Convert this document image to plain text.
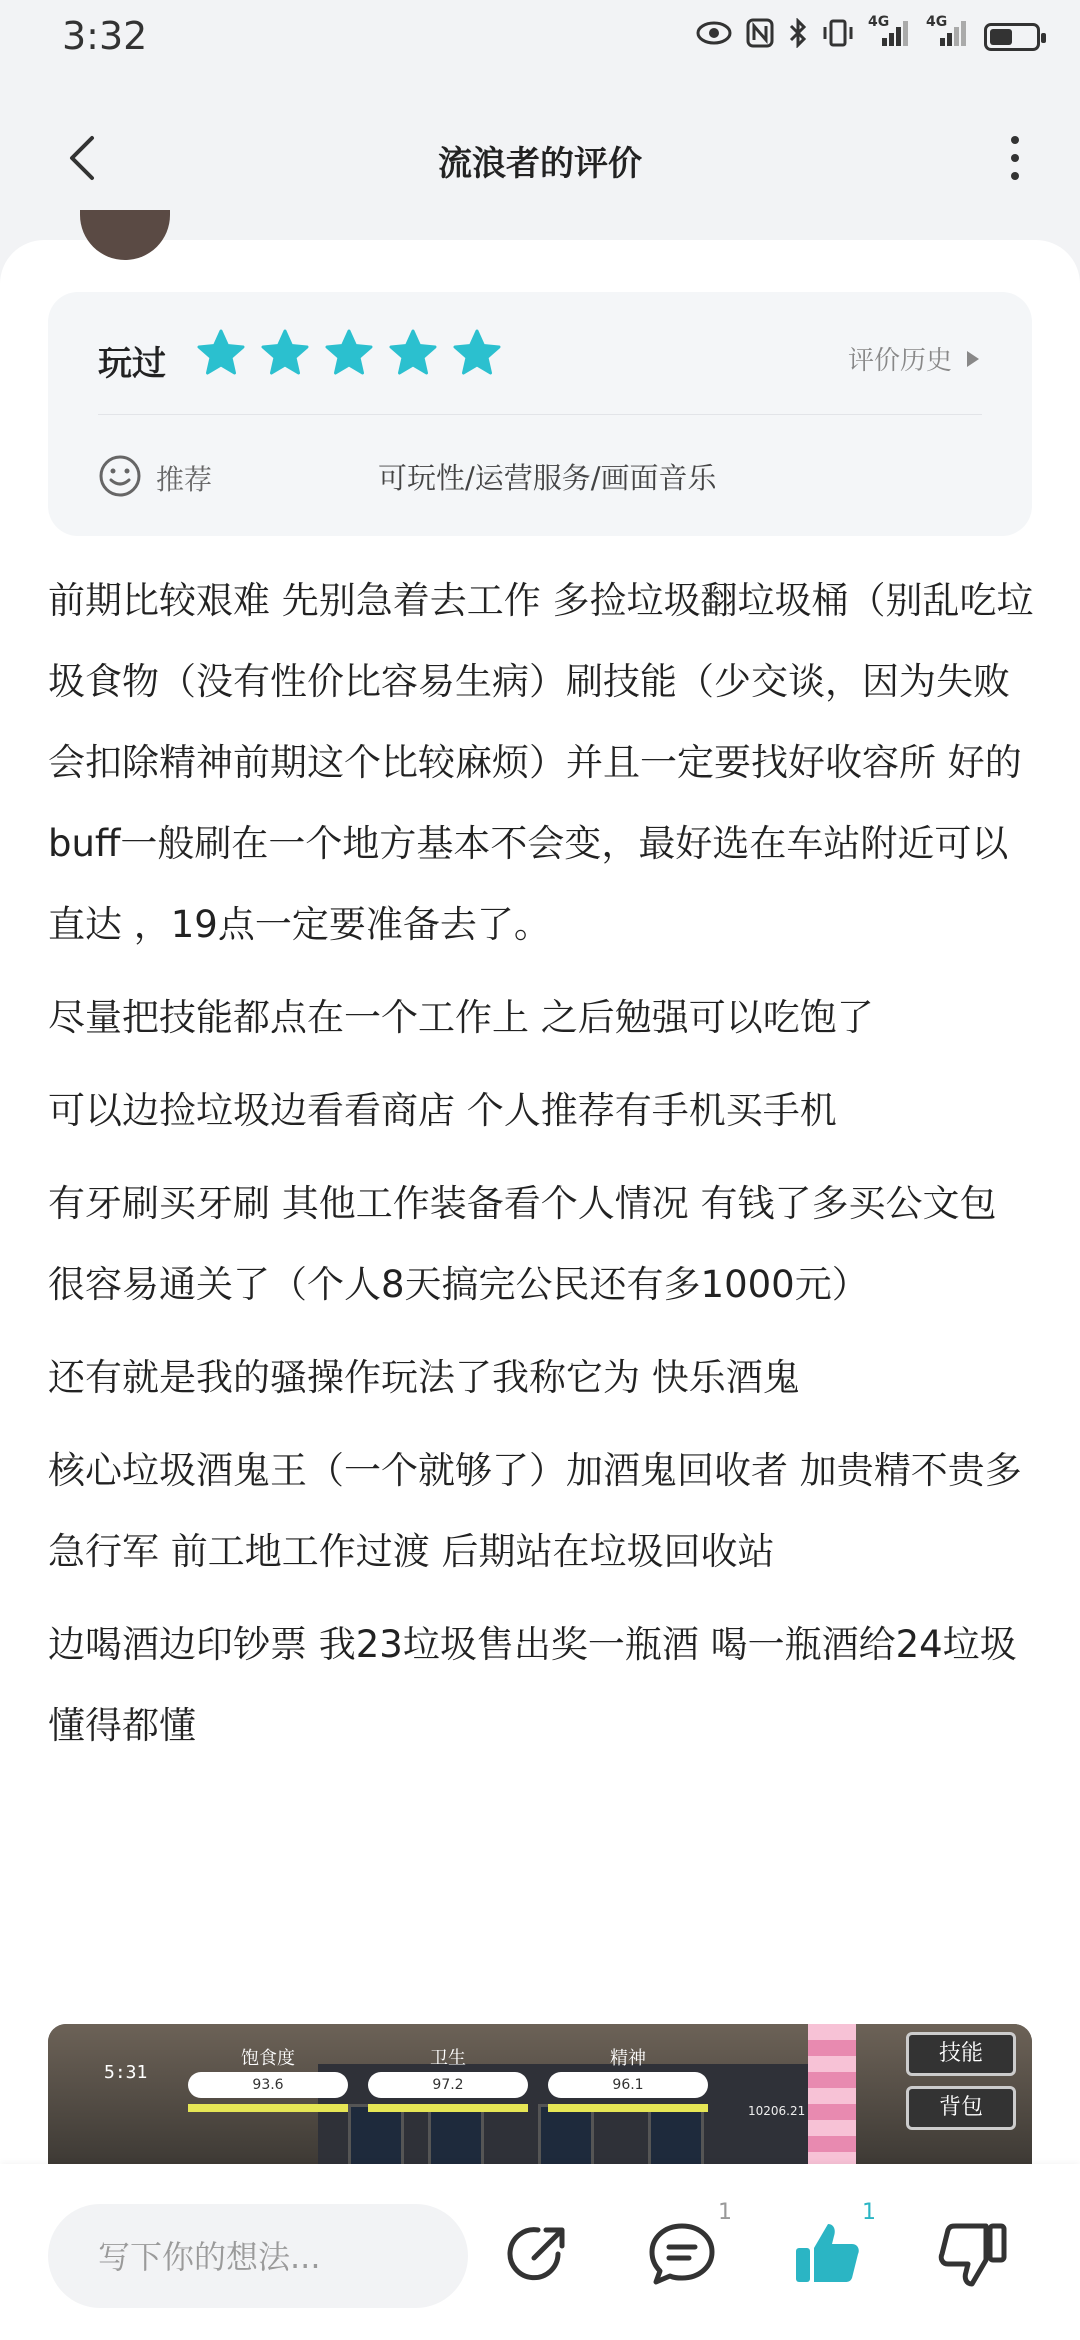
3:32	4G	4G
流浪者的评价
玩过	评价历史
推荐	可玩性/运营服务/画面音乐

前期比较艰难 先别急着去工作 多捡垃圾翻垃圾桶（别乱吃垃圾食物（没有性价比容易生病）刷技能（少交谈，因为失败会扣除精神前期这个比较麻烦）并且一定要找好收容所 好的buff一般刷在一个地方基本不会变，最好选在车站附近可以直达 ，19点一定要准备去了。

尽量把技能都点在一个工作上 之后勉强可以吃饱了

可以边捡垃圾边看看商店 个人推荐有手机买手机

有牙刷买牙刷 其他工作装备看个人情况 有钱了多买公文包 很容易通关了（个人8天搞完公民还有多1000元）

还有就是我的骚操作玩法了我称它为 快乐酒鬼

核心垃圾酒鬼王（一个就够了）加酒鬼回收者 加贵精不贵多 急行军 前工地工作过渡 后期站在垃圾回收站

边喝酒边印钞票 我23垃圾售出奖一瓶酒 喝一瓶酒给24垃圾 懂得都懂

5:31
饱食度
93.6
卫生
97.2
精神
96.1
10206.21
技能
背包
写下你的想法...
1	1
